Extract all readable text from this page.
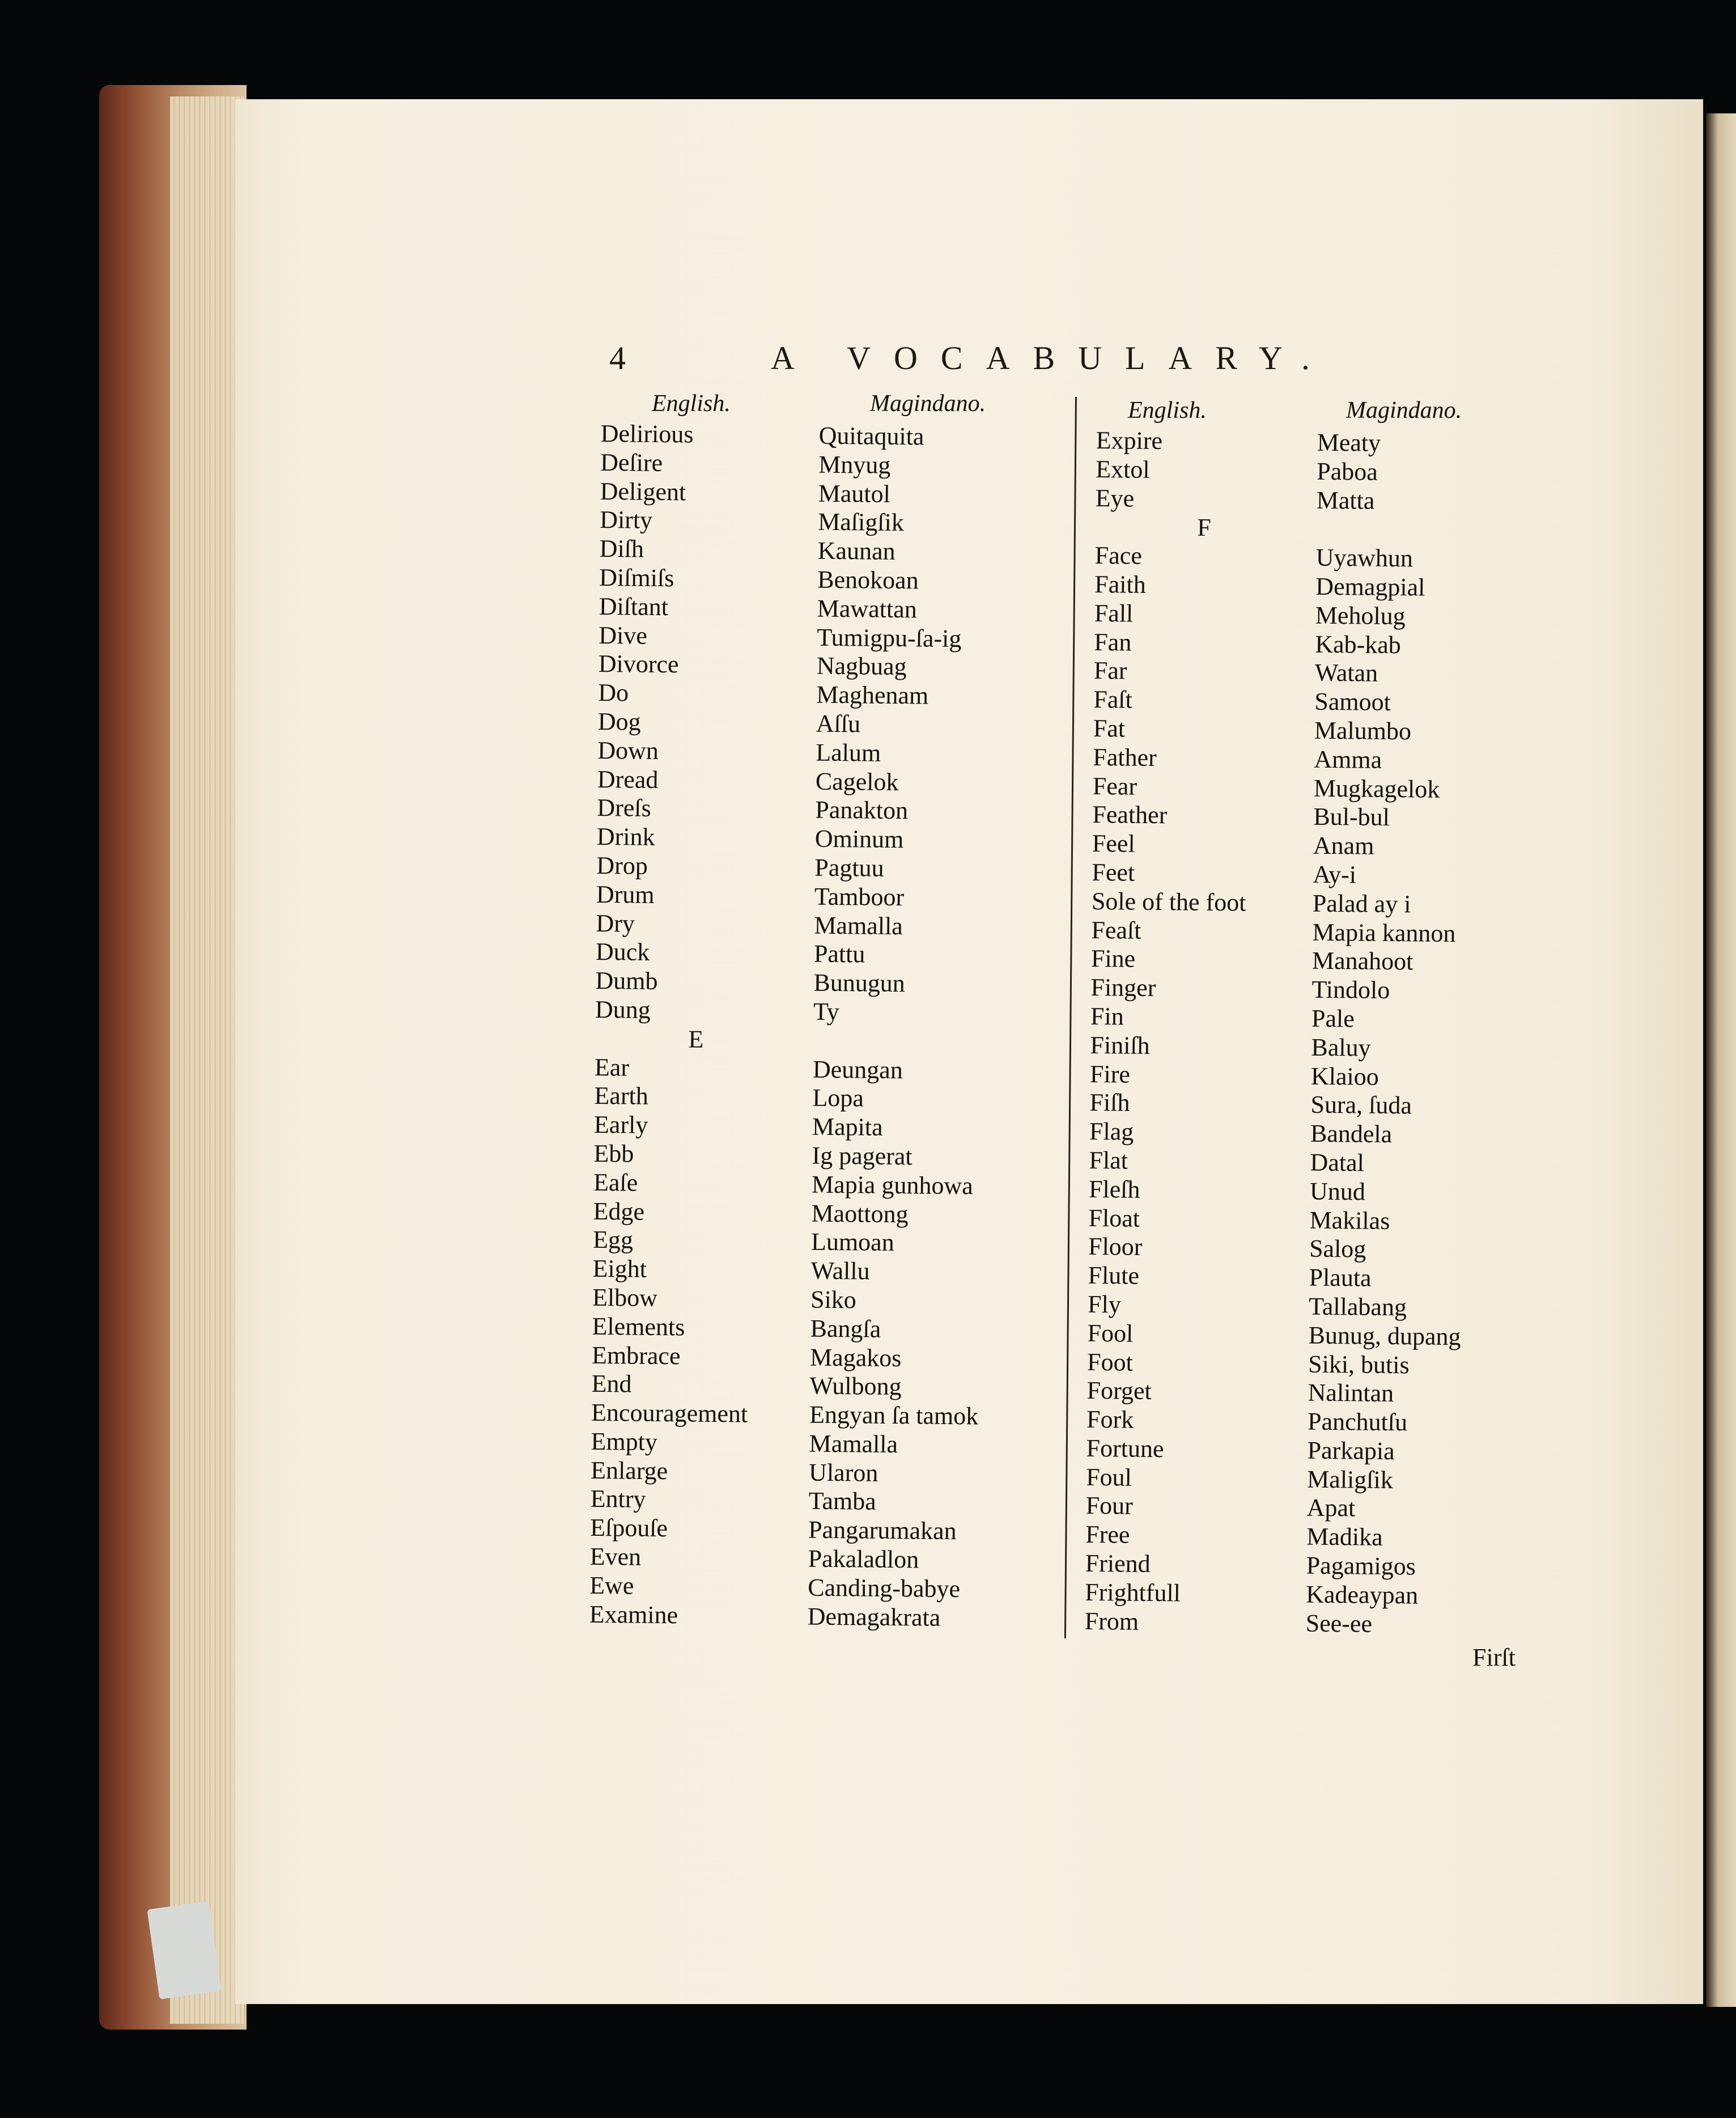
4	A VOCABULARY.
English.	Magindano.	English.	Magindano.
Delirious	Quitaquita
Deſire	Mnyug
Deligent	Mautol
Dirty	Maſigſik
Diſh	Kaunan
Diſmiſs	Benokoan
Diſtant	Mawattan
Dive	Tumigpu-ſa-ig
Divorce	Nagbuag
Do	Maghenam
Dog	Aſſu
Down	Lalum
Dread	Cagelok
Dreſs	Panakton
Drink	Ominum
Drop	Pagtuu
Drum	Tamboor
Dry	Mamalla
Duck	Pattu
Dumb	Bunugun
Dung	Ty
E
Ear	Deungan
Earth	Lopa
Early	Mapita
Ebb	Ig pagerat
Eaſe	Mapia gunhowa
Edge	Maottong
Egg	Lumoan
Eight	Wallu
Elbow	Siko
Elements	Bangſa
Embrace	Magakos
End	Wulbong
Encouragement Engyan ſa tamok
Empty	Mamalla
Enlarge	Ularon
Entry	Tamba
Eſpouſe	Pangarumakan
Even	Pakaladlon
Ewe	Canding-babye
Examine	Demagakrata
Expire	Meaty
Extol	Paboa
Eye	Matta
F
Face	Uyawhun
Faith	Demagpial
Fall	Meholug
Fan	Kab-kab
Far	Watan
Faſt	Samoot
Fat	Malumbo
Father	Amma
Fear	Mugkagelok
Feather	Bul-bul
Feel	Anam
Feet	Ay-i
Sole of the foot	Palad ay i
Feaſt	Mapia kannon
Fine	Manahoot
Finger	Tindolo
Fin	Pale
Finiſh	Baluy
Fire	Klaioo
Fiſh	Sura, ſuda
Flag	Bandela
Flat	Datal
Fleſh	Unud
Float	Makilas
Floor	Salog
Flute	Plauta
Fly	Tallabang
Fool	Bunug, dupang
Foot	Siki, butis
Forget	Nalintan
Fork	Panchutſu
Fortune	Parkapia
Foul	Maligſik
Four	Apat
Free	Madika
Friend	Pagamigos
Frightfull	Kadeaypan
From	See-ee
Firſt
